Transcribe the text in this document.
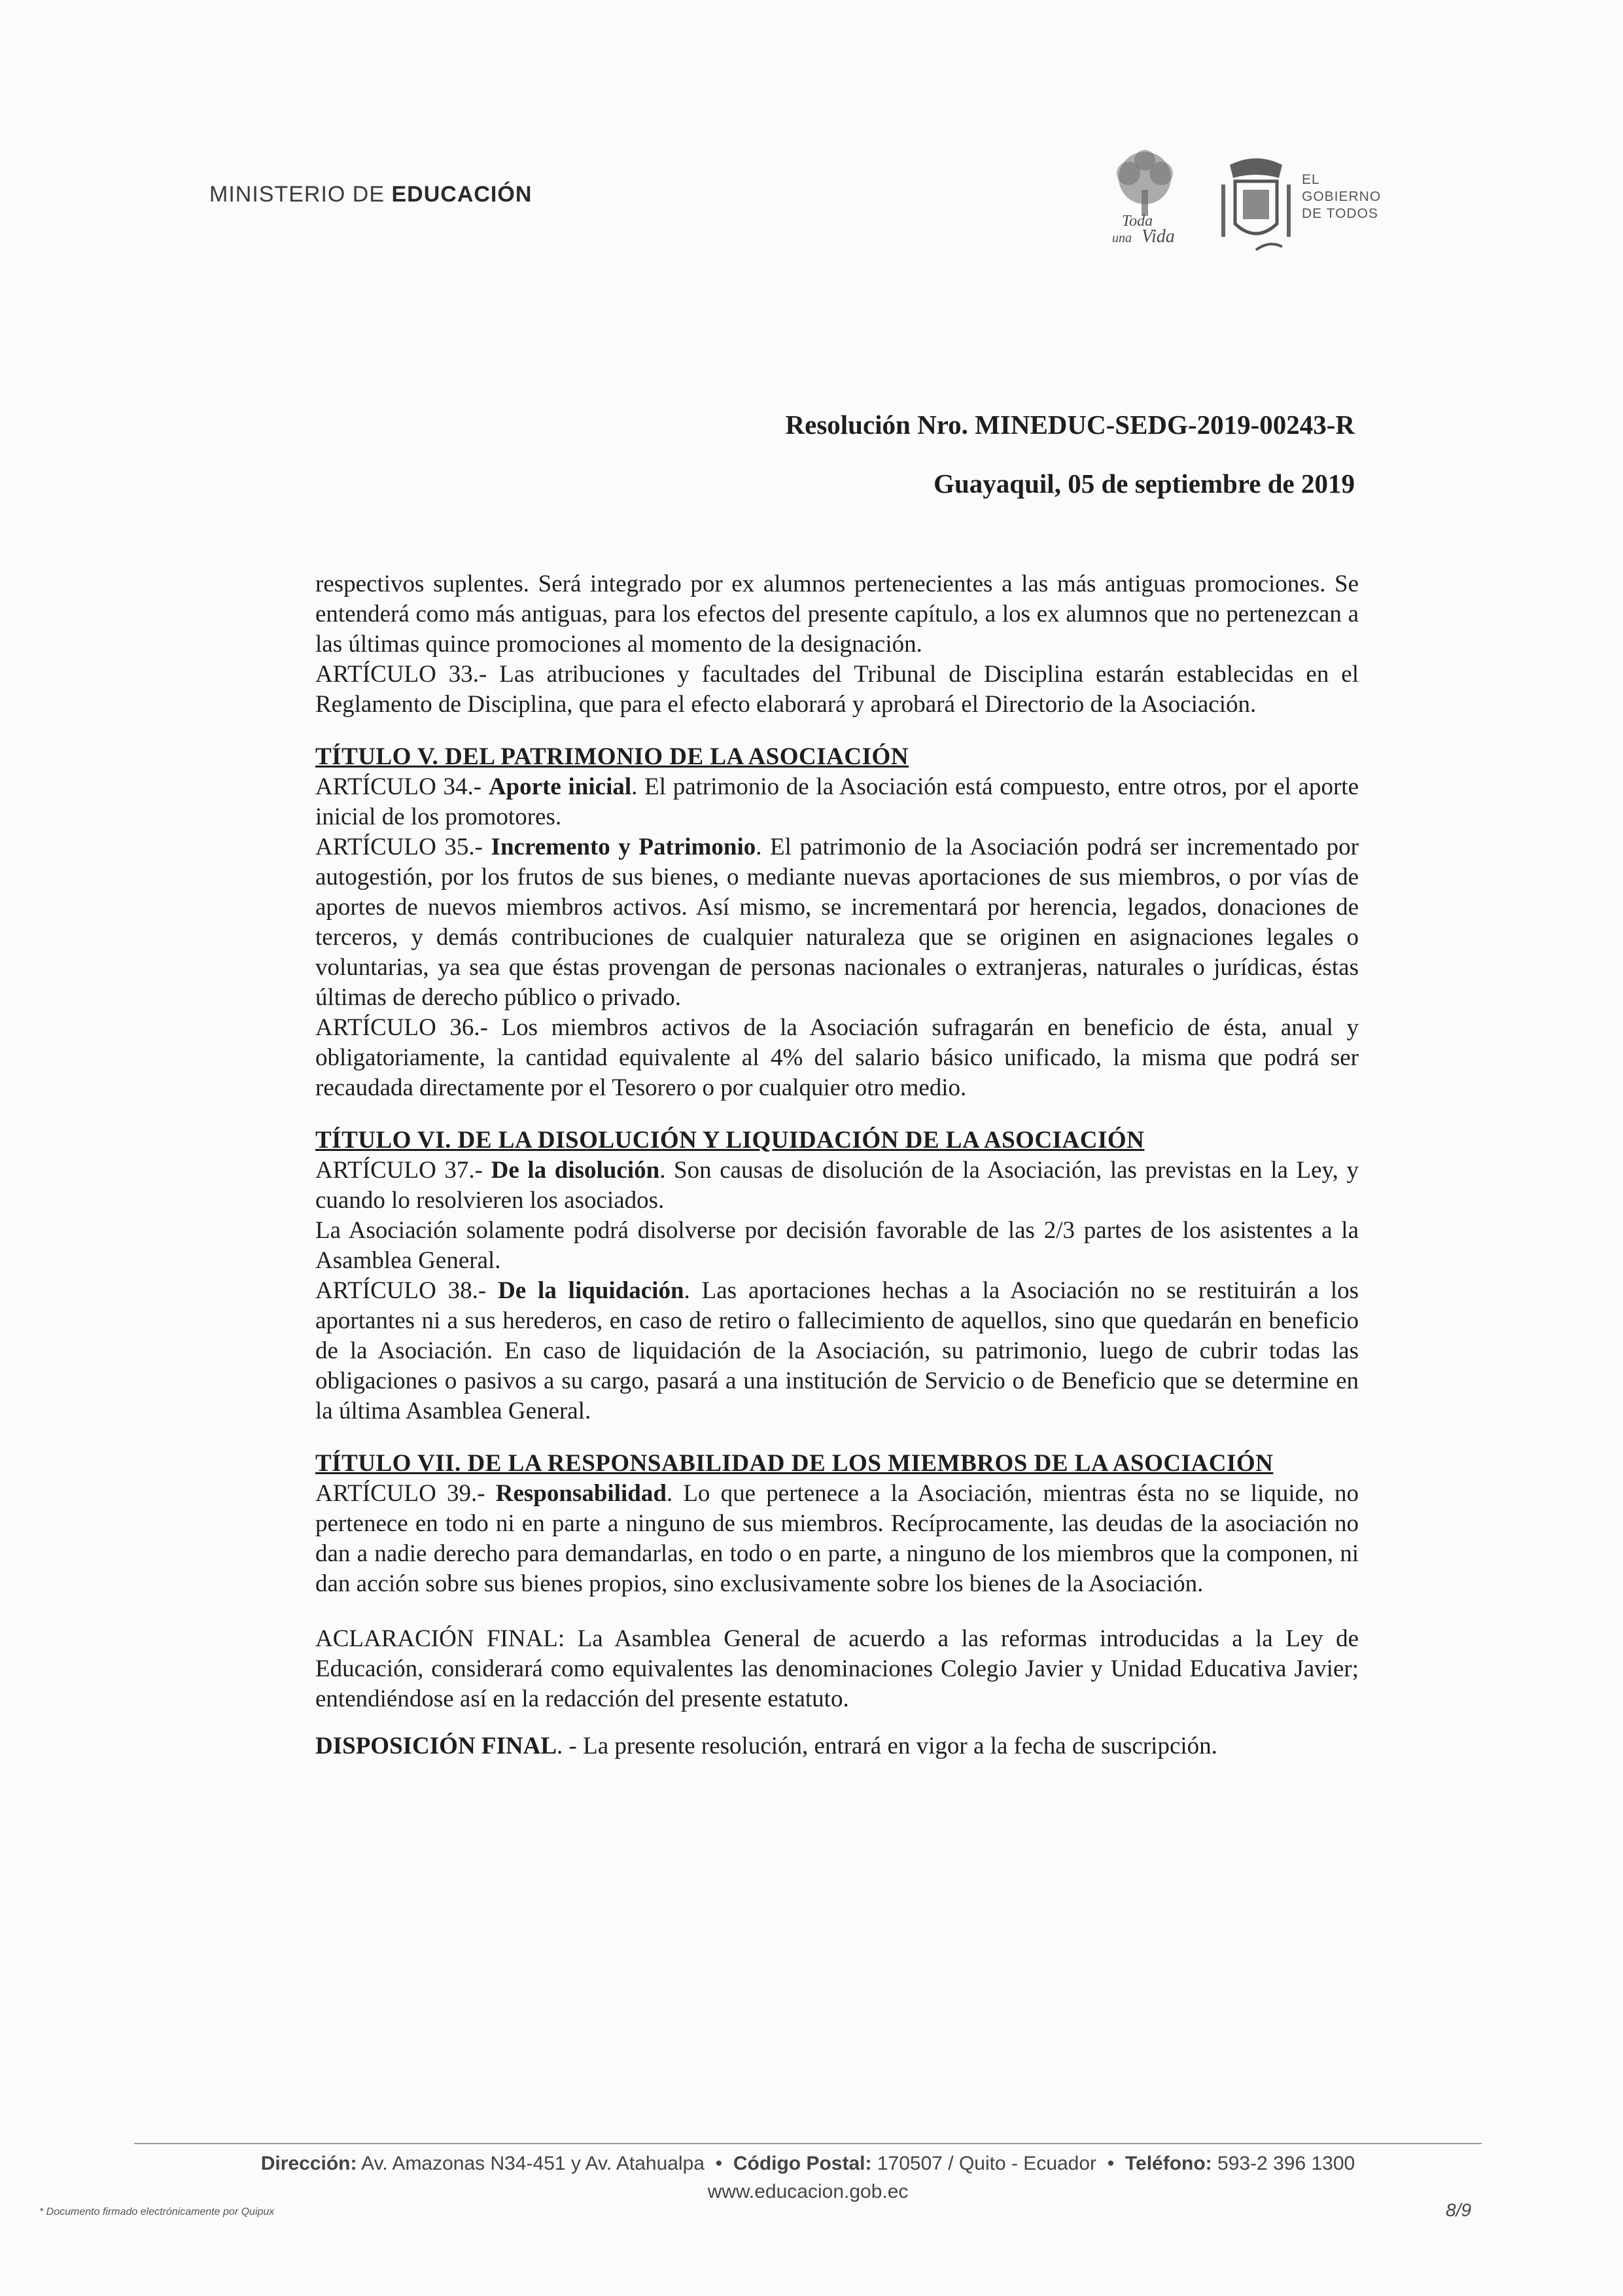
MINISTERIO DE EDUCACIÓN
Toda
una Vida
EL
GOBIERNO
DE TODOS
Resolución Nro. MINEDUC-SEDG-2019-00243-R
Guayaquil, 05 de septiembre de 2019

respectivos suplentes. Será integrado por ex alumnos pertenecientes a las más antiguas promociones. Se entenderá como más antiguas, para los efectos del presente capítulo, a los ex alumnos que no pertenezcan a las últimas quince promociones al momento de la designación.

ARTÍCULO 33.- Las atribuciones y facultades del Tribunal de Disciplina estarán establecidas en el Reglamento de Disciplina, que para el efecto elaborará y aprobará el Directorio de la Asociación.

TÍTULO V. DEL PATRIMONIO DE LA ASOCIACIÓN

ARTÍCULO 34.- Aporte inicial. El patrimonio de la Asociación está compuesto, entre otros, por el aporte inicial de los promotores.

ARTÍCULO 35.- Incremento y Patrimonio. El patrimonio de la Asociación podrá ser incrementado por autogestión, por los frutos de sus bienes, o mediante nuevas aportaciones de sus miembros, o por vías de aportes de nuevos miembros activos. Así mismo, se incrementará por herencia, legados, donaciones de terceros, y demás contribuciones de cualquier naturaleza que se originen en asignaciones legales o voluntarias, ya sea que éstas provengan de personas nacionales o extranjeras, naturales o jurídicas, éstas últimas de derecho público o privado.

ARTÍCULO 36.- Los miembros activos de la Asociación sufragarán en beneficio de ésta, anual y obligatoriamente, la cantidad equivalente al 4% del salario básico unificado, la misma que podrá ser recaudada directamente por el Tesorero o por cualquier otro medio.

TÍTULO VI. DE LA DISOLUCIÓN Y LIQUIDACIÓN DE LA ASOCIACIÓN

ARTÍCULO 37.- De la disolución. Son causas de disolución de la Asociación, las previstas en la Ley, y cuando lo resolvieren los asociados.

La Asociación solamente podrá disolverse por decisión favorable de las 2/3 partes de los asistentes a la Asamblea General.

ARTÍCULO 38.- De la liquidación. Las aportaciones hechas a la Asociación no se restituirán a los aportantes ni a sus herederos, en caso de retiro o fallecimiento de aquellos, sino que quedarán en beneficio de la Asociación. En caso de liquidación de la Asociación, su patrimonio, luego de cubrir todas las obligaciones o pasivos a su cargo, pasará a una institución de Servicio o de Beneficio que se determine en la última Asamblea General.

TÍTULO VII. DE LA RESPONSABILIDAD DE LOS MIEMBROS DE LA ASOCIACIÓN

ARTÍCULO 39.- Responsabilidad. Lo que pertenece a la Asociación, mientras ésta no se liquide, no pertenece en todo ni en parte a ninguno de sus miembros. Recíprocamente, las deudas de la asociación no dan a nadie derecho para demandarlas, en todo o en parte, a ninguno de los miembros que la componen, ni dan acción sobre sus bienes propios, sino exclusivamente sobre los bienes de la Asociación.

ACLARACIÓN FINAL: La Asamblea General de acuerdo a las reformas introducidas a la Ley de Educación, considerará como equivalentes las denominaciones Colegio Javier y Unidad Educativa Javier; entendiéndose así en la redacción del presente estatuto.

DISPOSICIÓN FINAL. - La presente resolución, entrará en vigor a la fecha de suscripción.

Dirección: Av. Amazonas N34-451 y Av. Atahualpa • Código Postal: 170507 / Quito - Ecuador • Teléfono: 593-2 396 1300
www.educacion.gob.ec
* Documento firmado electrónicamente por Quipux	8/9
